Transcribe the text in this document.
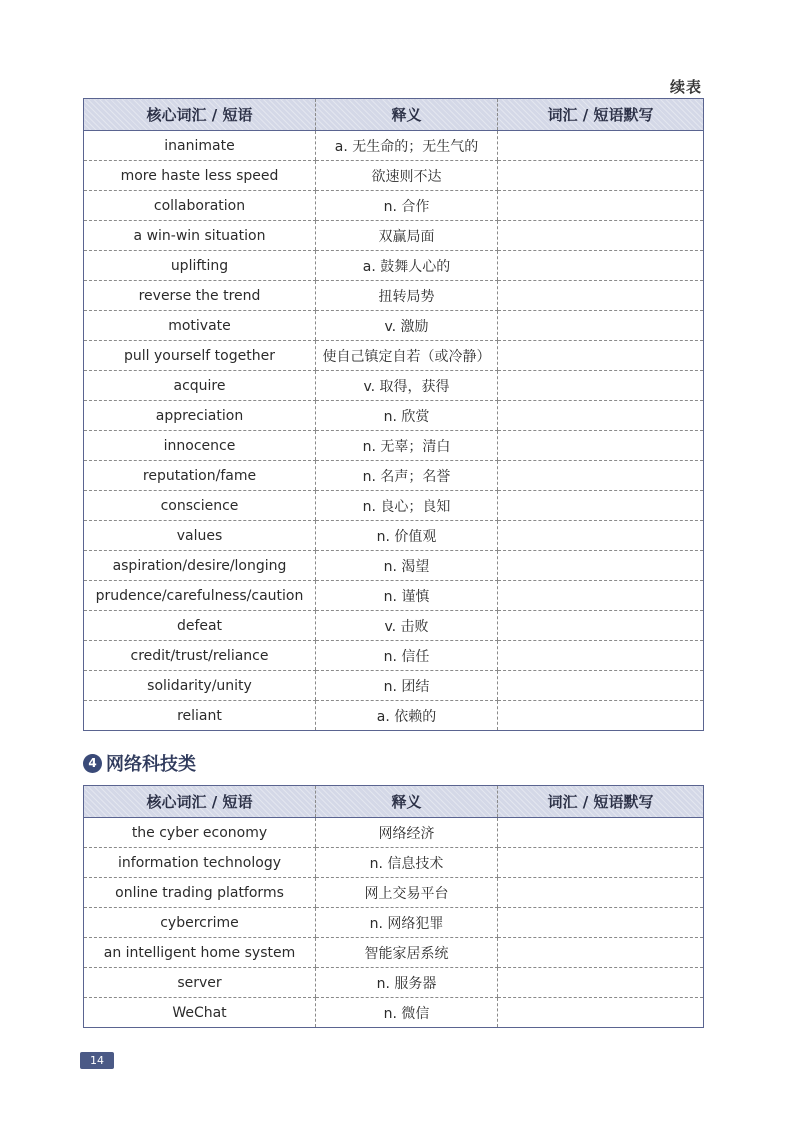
续表
核心词汇 / 短语	释义	词汇 / 短语默写
inanimate	a. 无生命的；无生气的	
more haste less speed	欲速则不达	
collaboration	n. 合作	
a win-win situation	双赢局面	
uplifting	a. 鼓舞人心的	
reverse the trend	扭转局势	
motivate	v. 激励	
pull yourself together	使自己镇定自若（或冷静）	
acquire	v. 取得，获得	
appreciation	n. 欣赏	
innocence	n. 无辜；清白	
reputation/fame	n. 名声；名誉	
conscience	n. 良心；良知	
values	n. 价值观	
aspiration/desire/longing	n. 渴望	
prudence/carefulness/caution	n. 谨慎	
defeat	v. 击败	
credit/trust/reliance	n. 信任	
solidarity/unity	n. 团结	
reliant	a. 依赖的	
4 网络科技类
核心词汇 / 短语	释义	词汇 / 短语默写
the cyber economy	网络经济	
information technology	n. 信息技术	
online trading platforms	网上交易平台	
cybercrime	n. 网络犯罪	
an intelligent home system	智能家居系统	
server	n. 服务器	
WeChat	n. 微信	
14
